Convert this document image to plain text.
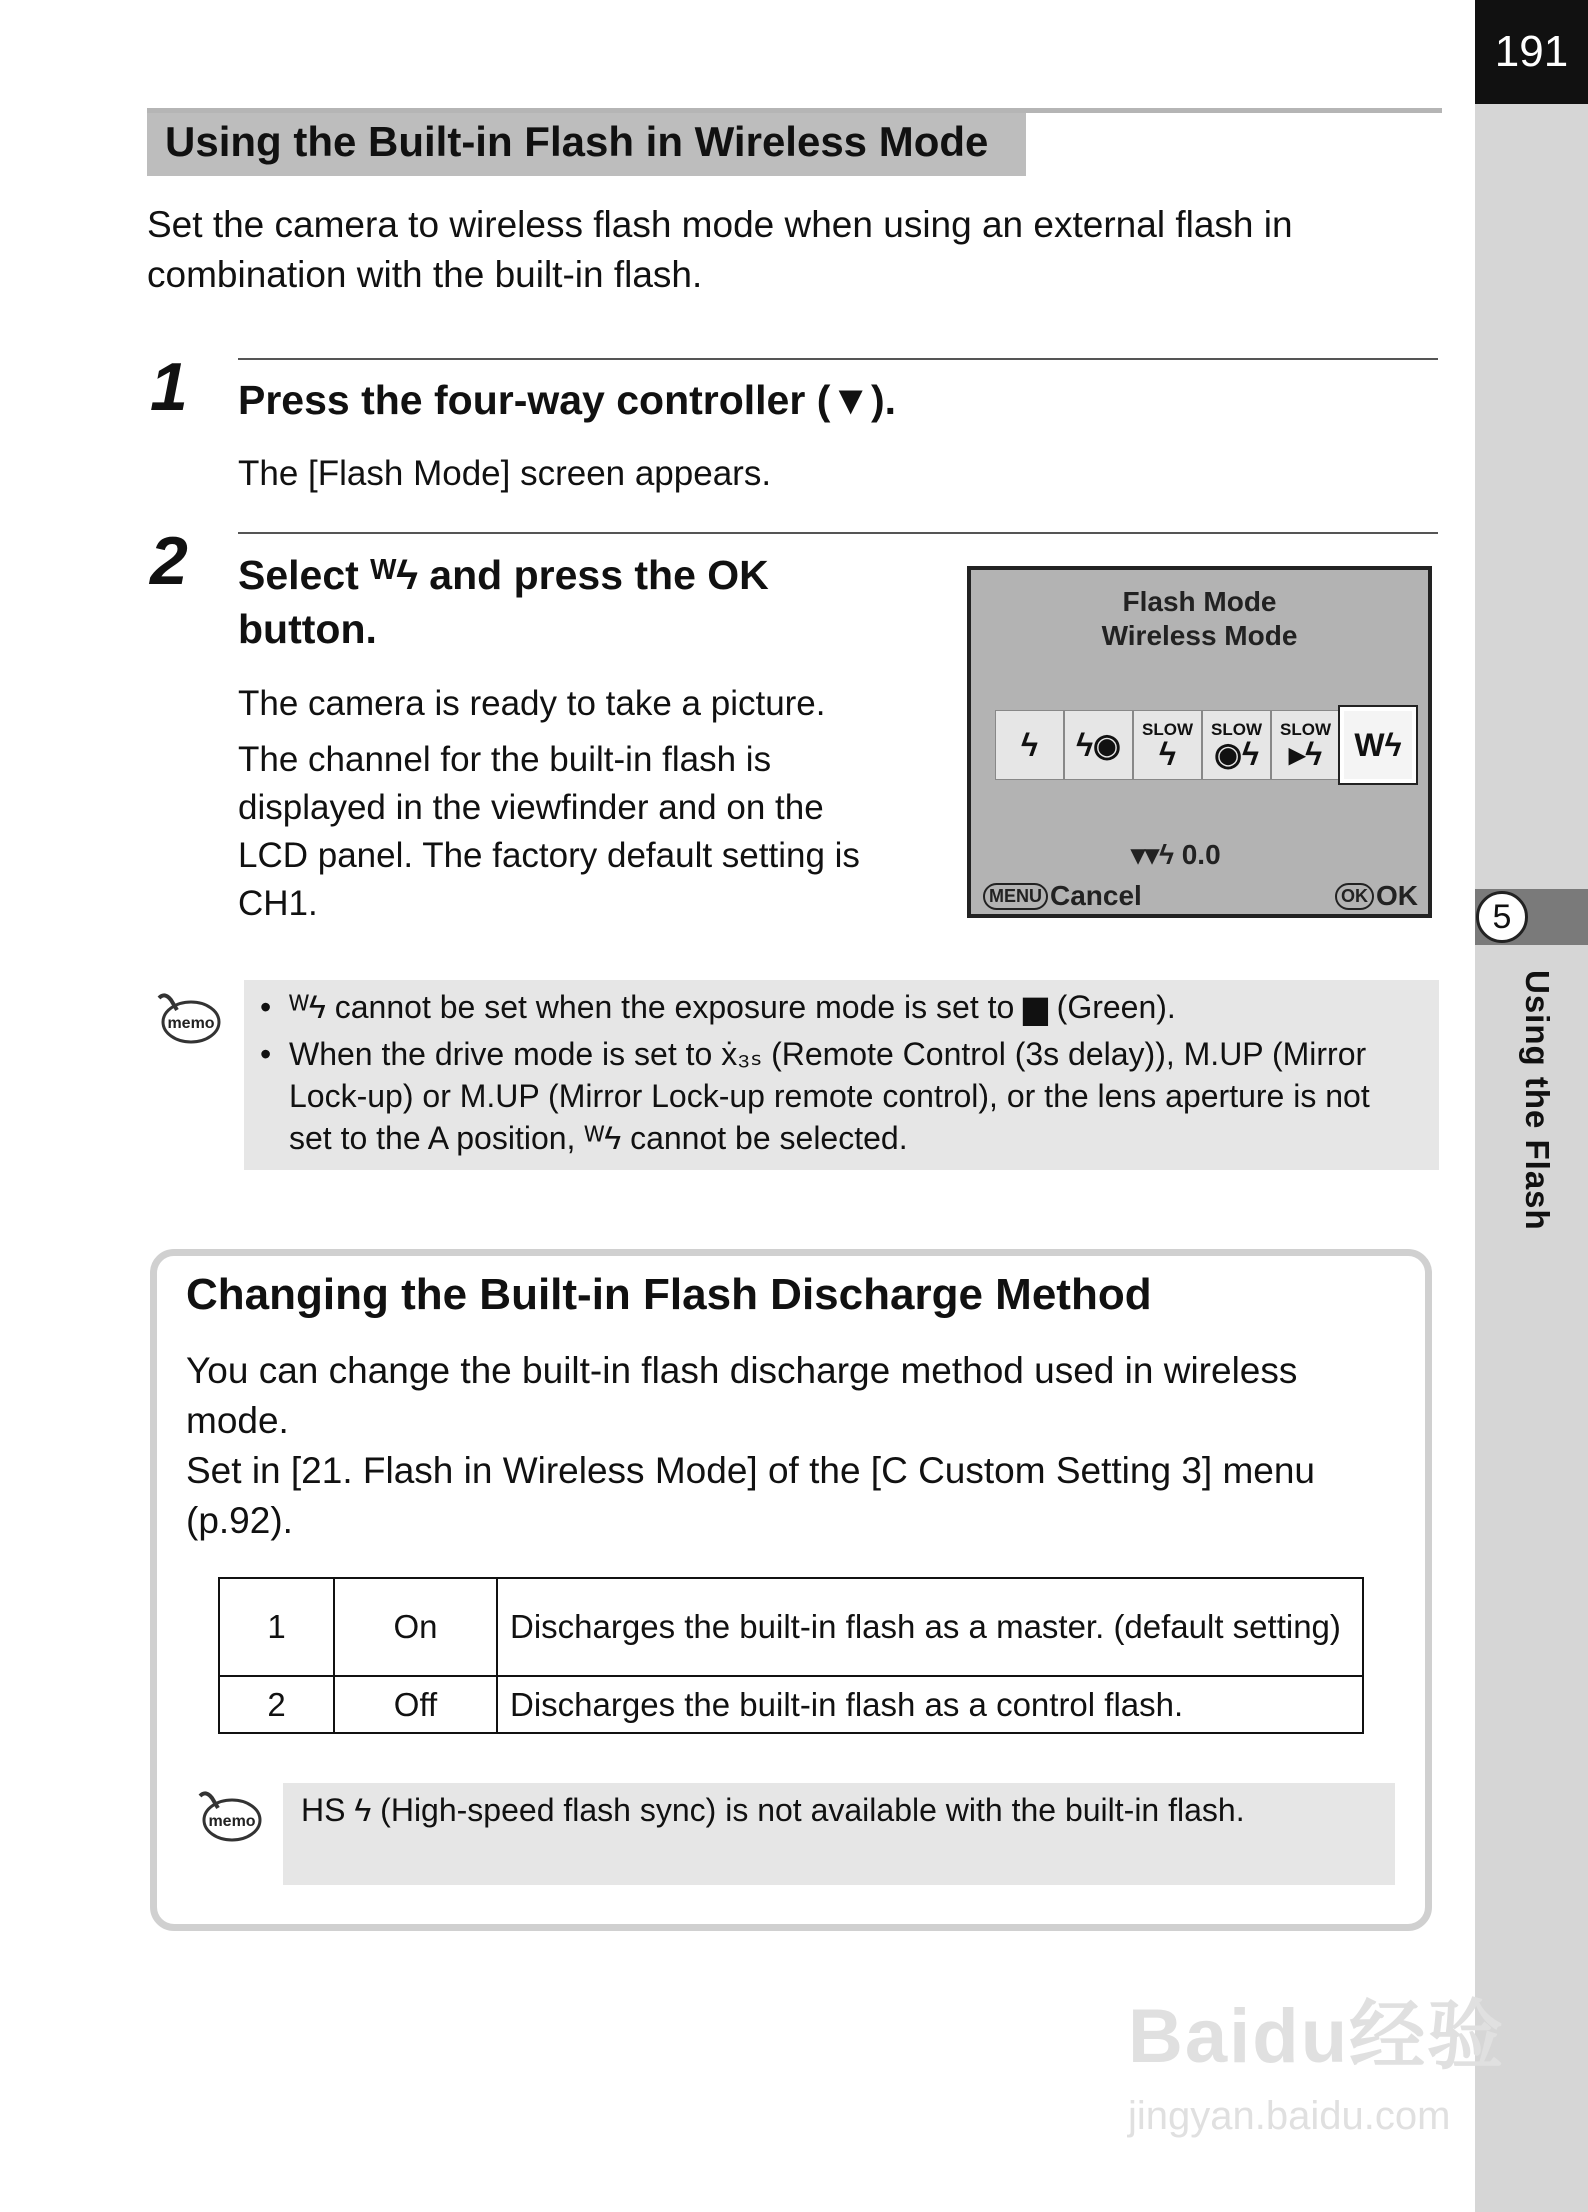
191
5
Using the Flash
Using the Built-in Flash in Wireless Mode
Set the camera to wireless flash mode when using an external flash in combination with the built-in flash.
1 Press the four-way controller (▼).
The [Flash Mode] screen appears.
2 Select ᵂϟ and press the OK
button.
The camera is ready to take a picture.
The channel for the built-in flash is
displayed in the viewfinder and on the
LCD panel. The factory default setting is
CH1.
Flash Mode
Wireless Mode
ϟ ϟ◉ SLOW
ϟ
SLOW
◉ϟ
SLOW
▸ϟ Wϟ
▾▾ϟ 0.0
MENU Cancel	OK OK
memo • ᵂϟ cannot be set when the exposure mode is set to ▆ (Green).
• When the drive mode is set to ẋ₃ₛ (Remote Control (3s delay)), M.UP (Mirror
Lock-up) or M.UP (Mirror Lock-up remote control), or the lens aperture is not
set to the A position, ᵂϟ cannot be selected.
Changing the Built-in Flash Discharge Method
You can change the built-in flash discharge method used in wireless
mode.
Set in [21. Flash in Wireless Mode] of the [C Custom Setting 3] menu
(p.92).
1	On	Discharges the built-in flash as a master. (default setting)
2	Off	Discharges the built-in flash as a control flash.
memo HS ϟ (High-speed flash sync) is not available with the built-in flash.
Baidu经验
jingyan.baidu.com
